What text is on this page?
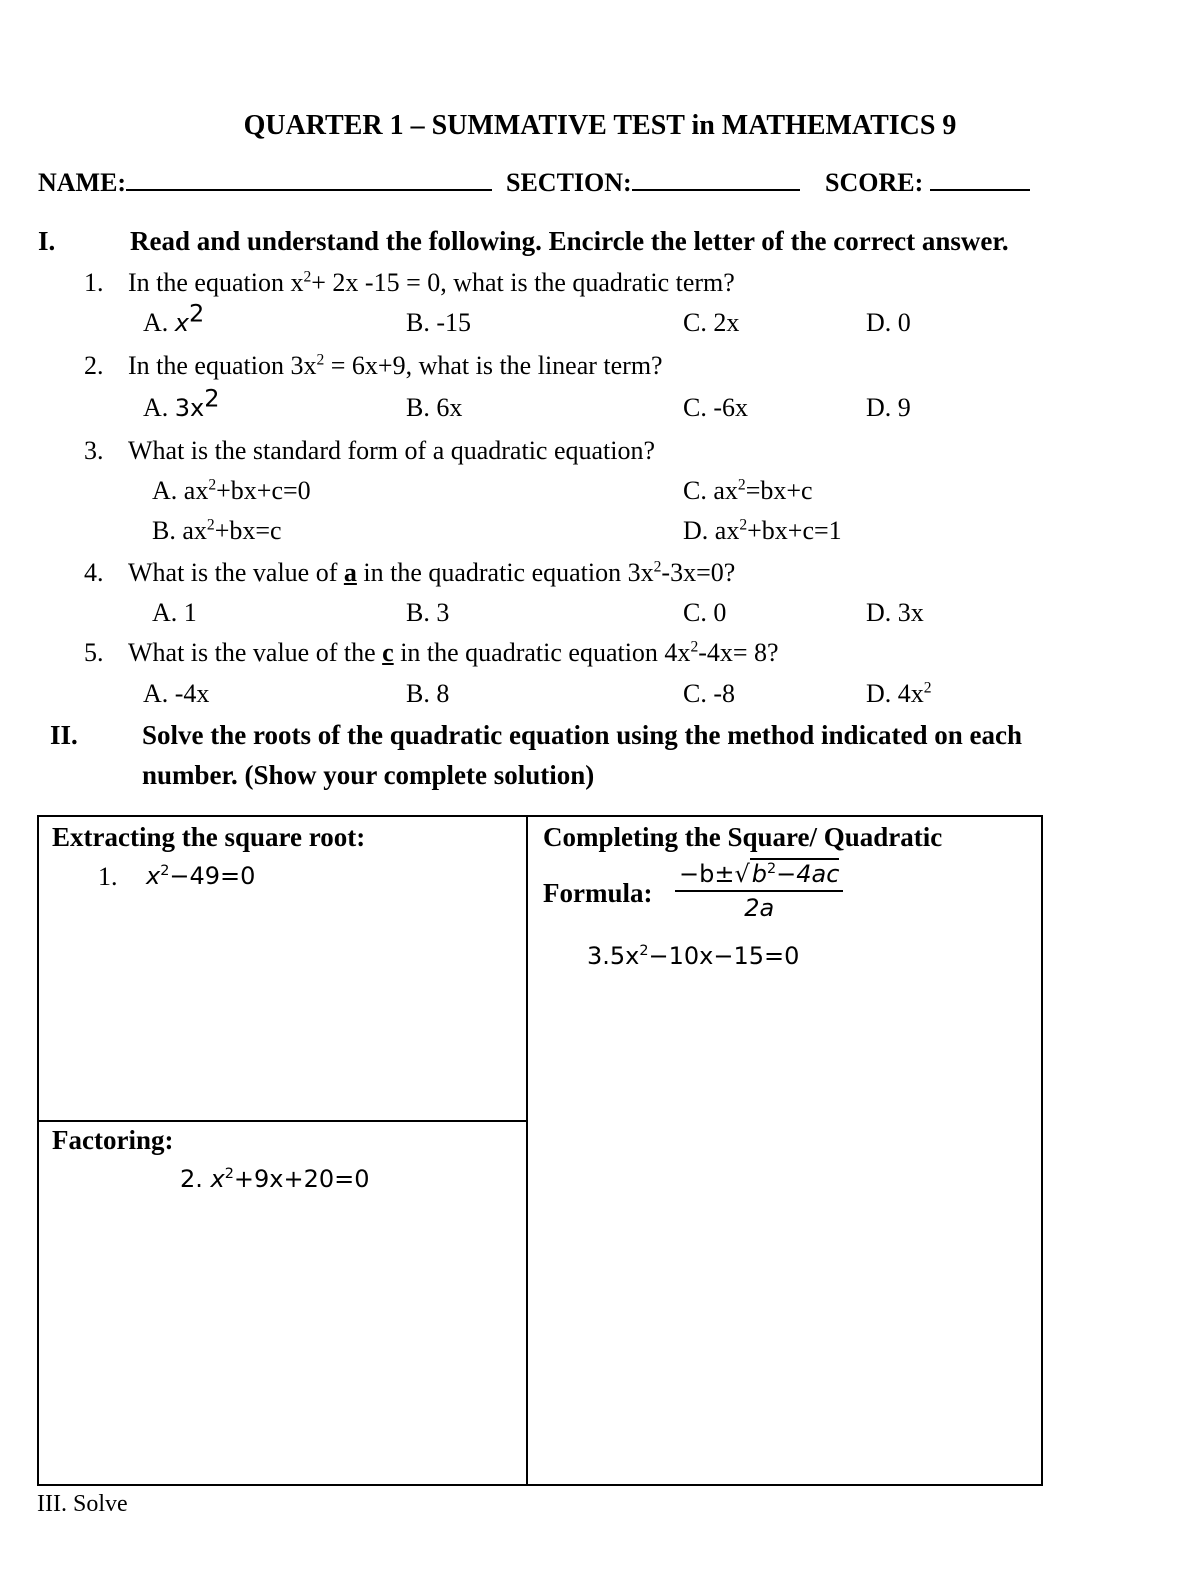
QUARTER 1 – SUMMATIVE TEST in MATHEMATICS 9
NAME:	SECTION:	SCORE:
I.	Read and understand the following. Encircle the letter of the correct answer.
1. In the equation $x^2+ 2x$ -15 = 0, what is the quadratic term?
A. $x^2$	B. -15	C. 2x	D. 0
2. In the equation $3x^2 = 6x+9$, what is the linear term?
A. $3x^2$	B. 6x	C. -6x	D. 9
3. What is the standard form of a quadratic equation?
A. $ax^2+bx+c=0$	C. $ax^2=bx+c$
B. $ax^2+bx=c$	D. $ax^2+bx+c=1$
4. What is the value of a in the quadratic equation $3x^2-3x=0$?
A. 1	B. 3	C. 0	D. 3x
5. What is the value of the c in the quadratic equation $4x^2-4x= 8$?
A. -4x	B. 8	C. -8	D. $4x^2$
II. Solve the roots of the quadratic equation using the method indicated on each
number. (Show your complete solution)
Extracting the square root:
1. $x^2-49=0$
Factoring:
2. $x^2+9x+20=0$
Completing the Square/ Quadratic
Formula: $\frac{-b\pm√b^2-4ac}{2a}$
$3.5x^2-10x-15=0$
III. Solve
